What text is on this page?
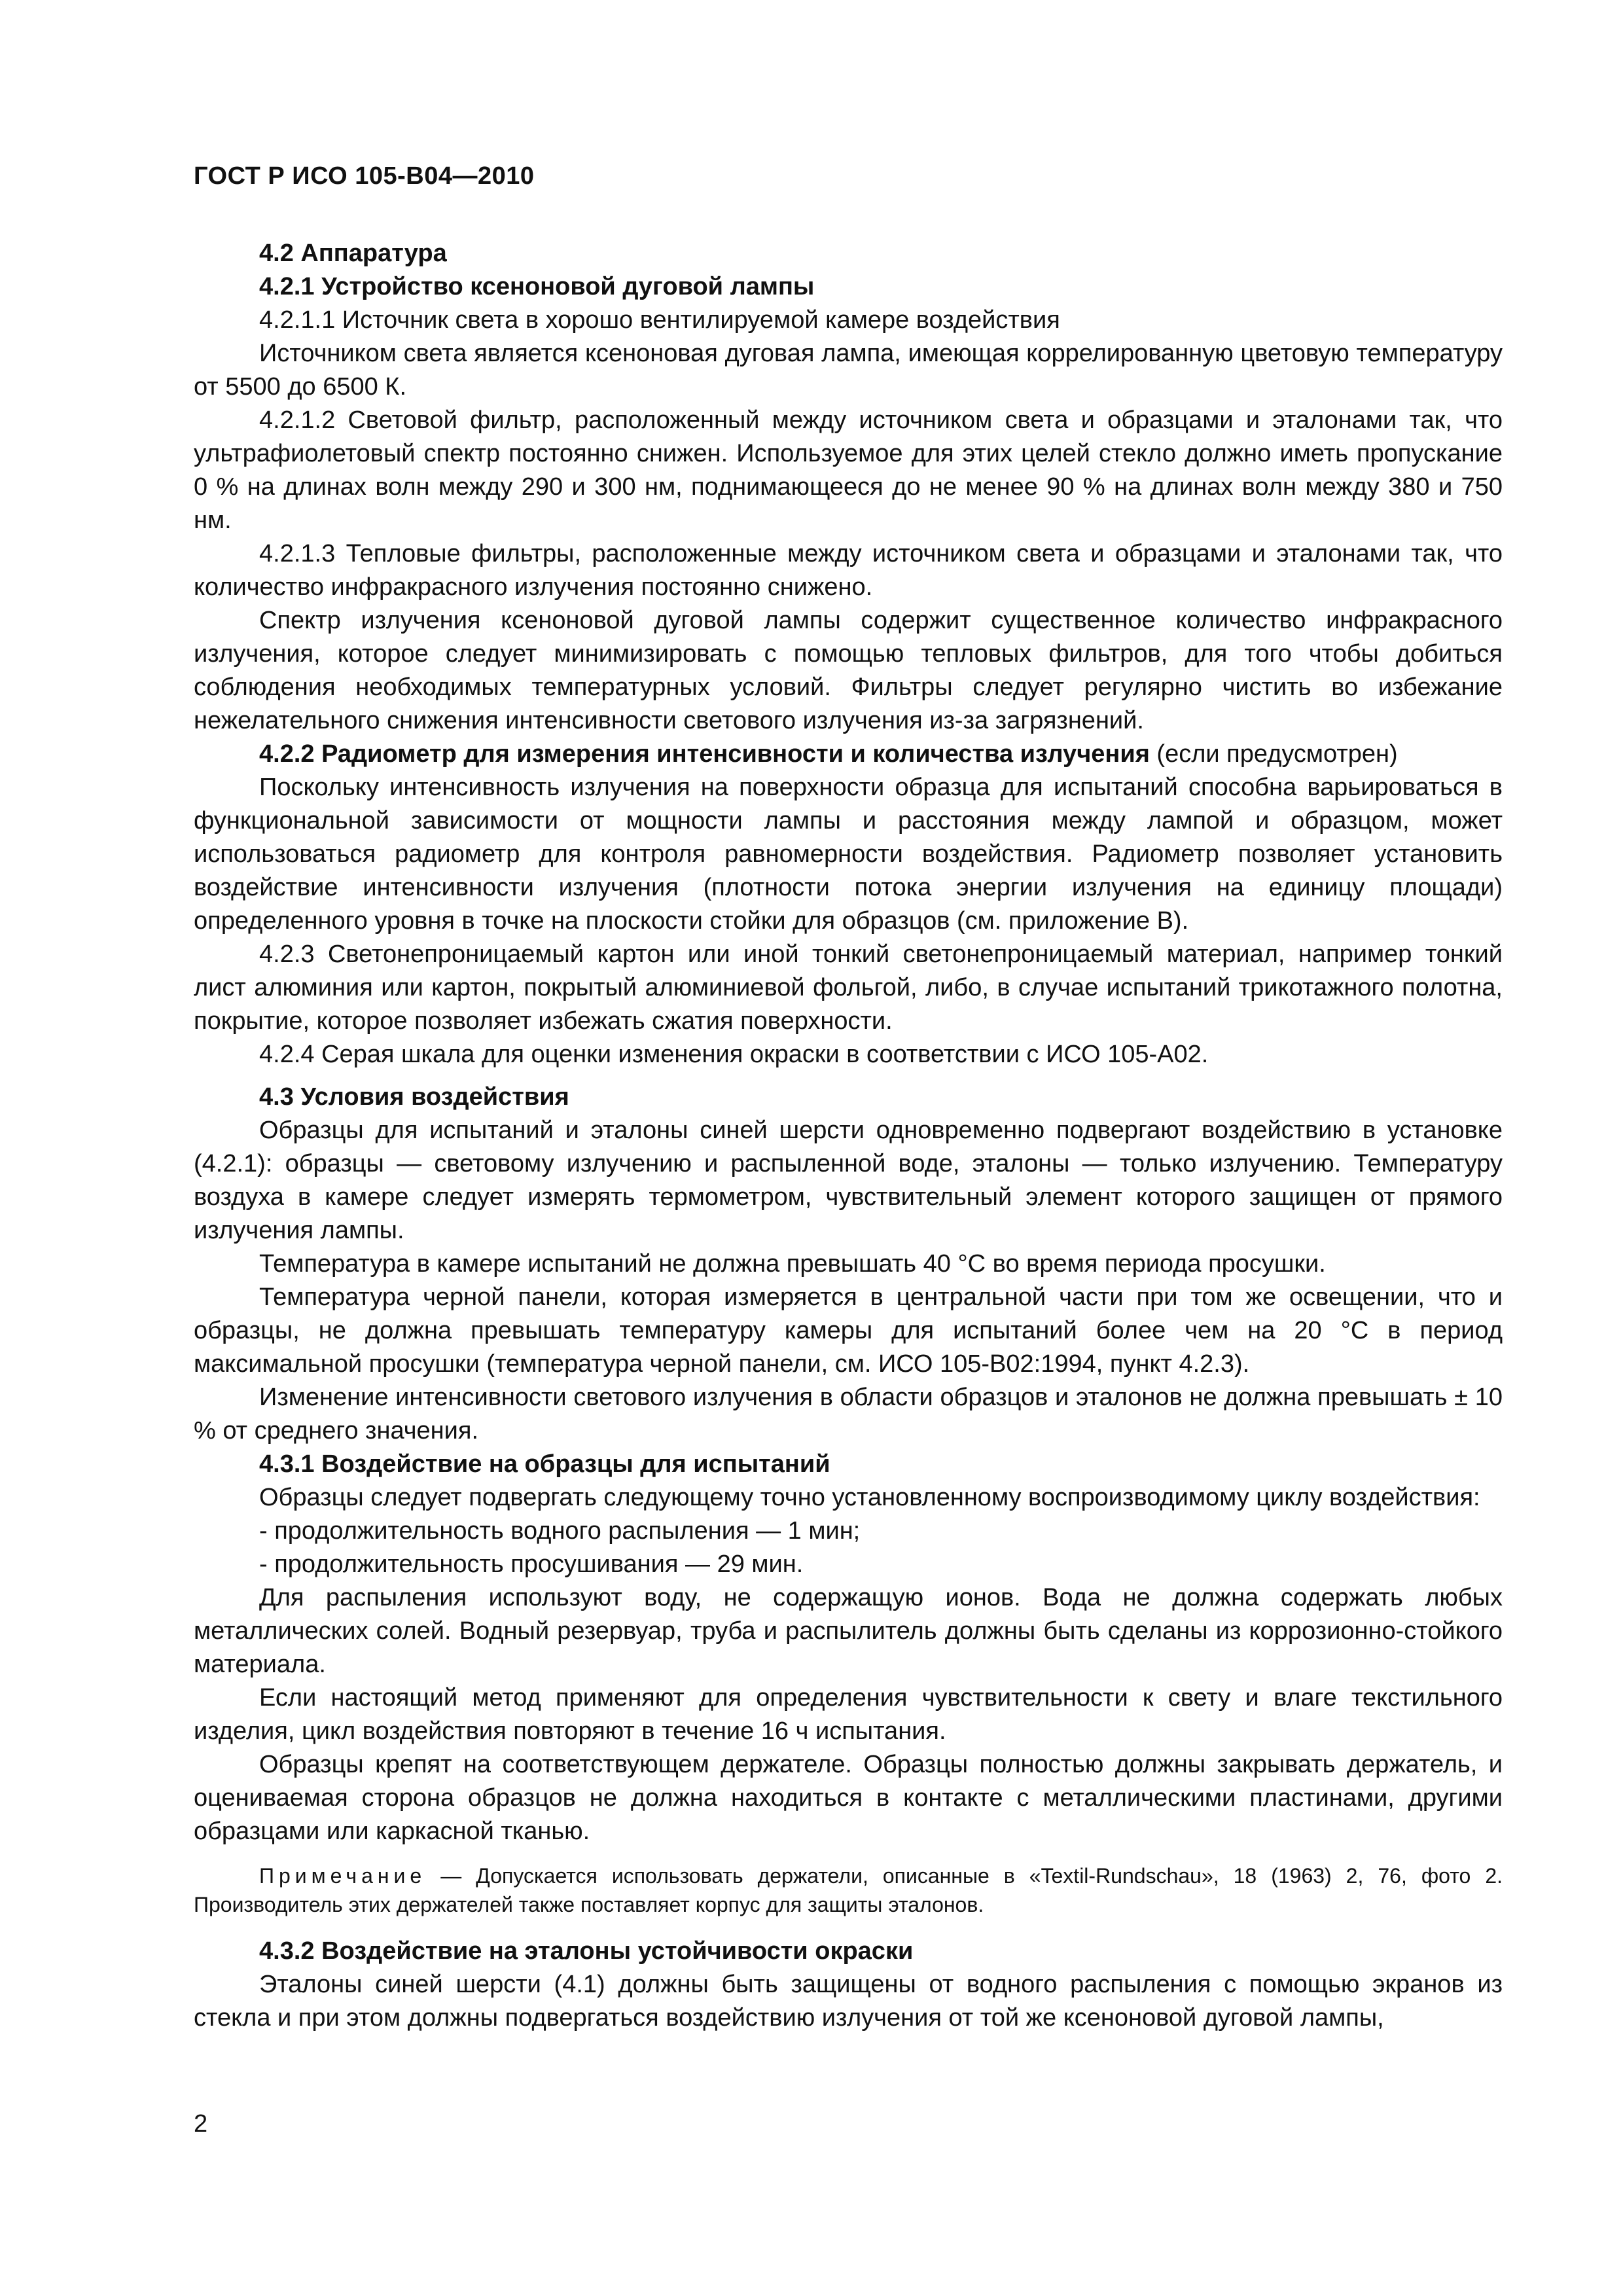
ГОСТ Р ИСО 105-В04—2010

4.2 Аппаратура

4.2.1 Устройство ксеноновой дуговой лампы

4.2.1.1 Источник света в хорошо вентилируемой камере воздействия

Источником света является ксеноновая дуговая лампа, имеющая коррелированную цветовую температуру от 5500 до 6500 К.

4.2.1.2 Световой фильтр, расположенный между источником света и образцами и эталонами так, что ультрафиолетовый спектр постоянно снижен. Используемое для этих целей стекло должно иметь пропускание 0 % на длинах волн между 290 и 300 нм, поднимающееся до не менее 90 % на длинах волн между 380 и 750 нм.

4.2.1.3 Тепловые фильтры, расположенные между источником света и образцами и эталонами так, что количество инфракрасного излучения постоянно снижено.

Спектр излучения ксеноновой дуговой лампы содержит существенное количество инфракрасного излучения, которое следует минимизировать с помощью тепловых фильтров, для того чтобы добиться соблюдения необходимых температурных условий. Фильтры следует регулярно чистить во избежание нежелательного снижения интенсивности светового излучения из-за загрязнений.

4.2.2 Радиометр для измерения интенсивности и количества излучения (если предусмотрен)

Поскольку интенсивность излучения на поверхности образца для испытаний способна варьироваться в функциональной зависимости от мощности лампы и расстояния между лампой и образцом, может использоваться радиометр для контроля равномерности воздействия. Радиометр позволяет установить воздействие интенсивности излучения (плотности потока энергии излучения на единицу площади) определенного уровня в точке на плоскости стойки для образцов (см. приложение В).

4.2.3 Светонепроницаемый картон или иной тонкий светонепроницаемый материал, например тонкий лист алюминия или картон, покрытый алюминиевой фольгой, либо, в случае испытаний трикотажного полотна, покрытие, которое позволяет избежать сжатия поверхности.

4.2.4 Серая шкала для оценки изменения окраски в соответствии с ИСО 105-А02.

4.3 Условия воздействия

Образцы для испытаний и эталоны синей шерсти одновременно подвергают воздействию в установке (4.2.1): образцы — световому излучению и распыленной воде, эталоны — только излучению. Температуру воздуха в камере следует измерять термометром, чувствительный элемент которого защищен от прямого излучения лампы.

Температура в камере испытаний не должна превышать 40 °С во время периода просушки.

Температура черной панели, которая измеряется в центральной части при том же освещении, что и образцы, не должна превышать температуру камеры для испытаний более чем на 20 °С в период максимальной просушки (температура черной панели, см. ИСО 105-В02:1994, пункт 4.2.3).

Изменение интенсивности светового излучения в области образцов и эталонов не должна превышать ± 10 % от среднего значения.

4.3.1 Воздействие на образцы для испытаний

Образцы следует подвергать следующему точно установленному воспроизводимому циклу воздействия:

- продолжительность водного распыления — 1 мин;

- продолжительность просушивания — 29 мин.

Для распыления используют воду, не содержащую ионов. Вода не должна содержать любых металлических солей. Водный резервуар, труба и распылитель должны быть сделаны из коррозионно-стойкого материала.

Если настоящий метод применяют для определения чувствительности к свету и влаге текстильного изделия, цикл воздействия повторяют в течение 16 ч испытания.

Образцы крепят на соответствующем держателе. Образцы полностью должны закрывать держатель, и оцениваемая сторона образцов не должна находиться в контакте с металлическими пластинами, другими образцами или каркасной тканью.

Примечание — Допускается использовать держатели, описанные в «Textil-Rundschau», 18 (1963) 2, 76, фото 2. Производитель этих держателей также поставляет корпус для защиты эталонов.

4.3.2 Воздействие на эталоны устойчивости окраски

Эталоны синей шерсти (4.1) должны быть защищены от водного распыления с помощью экранов из стекла и при этом должны подвергаться воздействию излучения от той же ксеноновой дуговой лампы,

2
